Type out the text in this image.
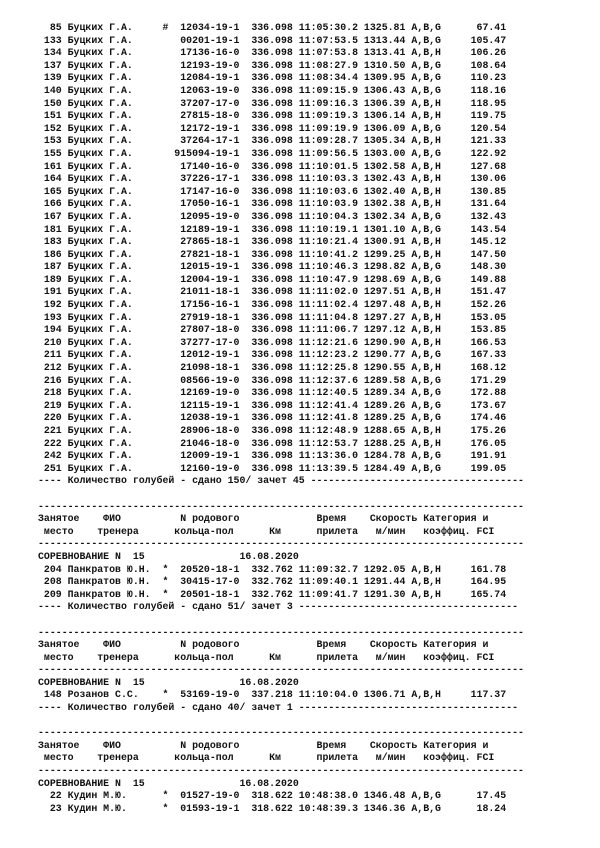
85 Буцких Г.А.     #  12034-19-1  336.098 11:05:30.2 1325.81 A,B,G      67.41
133 Буцких Г.А.        00201-19-1  336.098 11:07:53.5 1313.44 A,B,G     105.47
134 Буцких Г.А.        17136-16-0  336.098 11:07:53.8 1313.41 A,B,H     106.26
137 Буцких Г.А.        12193-19-0  336.098 11:08:27.9 1310.50 A,B,G     108.64
139 Буцких Г.А.        12084-19-1  336.098 11:08:34.4 1309.95 A,B,G     110.23
140 Буцких Г.А.        12063-19-0  336.098 11:09:15.9 1306.43 A,B,G     118.16
150 Буцких Г.А.        37207-17-0  336.098 11:09:16.3 1306.39 A,B,H     118.95
151 Буцких Г.А.        27815-18-0  336.098 11:09:19.3 1306.14 A,B,H     119.75
152 Буцких Г.А.        12172-19-1  336.098 11:09:19.9 1306.09 A,B,G     120.54
153 Буцких Г.А.        37264-17-1  336.098 11:09:28.7 1305.34 A,B,H     121.33
155 Буцких Г.А.       915094-19-1  336.098 11:09:56.5 1303.00 A,B,G     122.92
161 Буцких Г.А.        17140-16-0  336.098 11:10:01.5 1302.58 A,B,H     127.68
164 Буцких Г.А.        37226-17-1  336.098 11:10:03.3 1302.43 A,B,H     130.06
165 Буцких Г.А.        17147-16-0  336.098 11:10:03.6 1302.40 A,B,H     130.85
166 Буцких Г.А.        17050-16-1  336.098 11:10:03.9 1302.38 A,B,H     131.64
167 Буцких Г.А.        12095-19-0  336.098 11:10:04.3 1302.34 A,B,G     132.43
181 Буцких Г.А.        12189-19-1  336.098 11:10:19.1 1301.10 A,B,G     143.54
183 Буцких Г.А.        27865-18-1  336.098 11:10:21.4 1300.91 A,B,H     145.12
186 Буцких Г.А.        27821-18-1  336.098 11:10:41.2 1299.25 A,B,H     147.50
187 Буцких Г.А.        12015-19-1  336.098 11:10:46.3 1298.82 A,B,G     148.30
189 Буцких Г.А.        12004-19-1  336.098 11:10:47.9 1298.69 A,B,G     149.88
191 Буцких Г.А.        21011-18-1  336.098 11:11:02.0 1297.51 A,B,H     151.47
192 Буцких Г.А.        17156-16-1  336.098 11:11:02.4 1297.48 A,B,H     152.26
193 Буцких Г.А.        27919-18-1  336.098 11:11:04.8 1297.27 A,B,H     153.05
194 Буцких Г.А.        27807-18-0  336.098 11:11:06.7 1297.12 A,B,H     153.85
210 Буцких Г.А.        37277-17-0  336.098 11:12:21.6 1290.90 A,B,H     166.53
211 Буцких Г.А.        12012-19-1  336.098 11:12:23.2 1290.77 A,B,G     167.33
212 Буцких Г.А.        21098-18-1  336.098 11:12:25.8 1290.55 A,B,H     168.12
216 Буцких Г.А.        08566-19-0  336.098 11:12:37.6 1289.58 A,B,G     171.29
218 Буцких Г.А.        12169-19-0  336.098 11:12:40.5 1289.34 A,B,G     172.88
219 Буцких Г.А.        12115-19-1  336.098 11:12:41.4 1289.26 A,B,G     173.67
220 Буцких Г.А.        12038-19-1  336.098 11:12:41.8 1289.25 A,B,G     174.46
221 Буцких Г.А.        28906-18-0  336.098 11:12:48.9 1288.65 A,B,H     175.26
222 Буцких Г.А.        21046-18-0  336.098 11:12:53.7 1288.25 A,B,H     176.05
242 Буцких Г.А.        12009-19-1  336.098 11:13:36.0 1284.78 A,B,G     191.91
251 Буцких Г.А.        12160-19-0  336.098 11:13:39.5 1284.49 A,B,G     199.05
---- Количество голубей - сдано 150/ зачет 45 ------------------------------------
----------------------------------------------------------------------------------
Занятое    ФИО          N родового             Время    Скорость Категория и
место    тренера      кольца-пол      Км      прилета   м/мин   коэффиц. FCI
----------------------------------------------------------------------------------
СОРЕВНОВАНИЕ N  15                16.08.2020
204 Панкратов Ю.Н.  *  20520-18-1  332.762 11:09:32.7 1292.05 A,B,H     161.78
208 Панкратов Ю.Н.  *  30415-17-0  332.762 11:09:40.1 1291.44 A,B,H     164.95
209 Панкратов Ю.Н.  *  20501-18-1  332.762 11:09:41.7 1291.30 A,B,H     165.74
---- Количество голубей - сдано 51/ зачет 3 -------------------------------------
----------------------------------------------------------------------------------
Занятое    ФИО          N родового             Время    Скорость Категория и
место    тренера      кольца-пол      Км      прилета   м/мин   коэффиц. FCI
----------------------------------------------------------------------------------
СОРЕВНОВАНИЕ N  15                16.08.2020
148 Розанов С.С.    *  53169-19-0  337.218 11:10:04.0 1306.71 A,B,H     117.37
---- Количество голубей - сдано 40/ зачет 1 -------------------------------------
----------------------------------------------------------------------------------
Занятое    ФИО          N родового             Время    Скорость Категория и
место    тренера      кольца-пол      Км      прилета   м/мин   коэффиц. FCI
----------------------------------------------------------------------------------
СОРЕВНОВАНИЕ N  15                16.08.2020
22 Кудин М.Ю.      *  01527-19-0  318.622 10:48:38.0 1346.48 A,B,G      17.45
23 Кудин М.Ю.      *  01593-19-1  318.622 10:48:39.3 1346.36 A,B,G      18.24
